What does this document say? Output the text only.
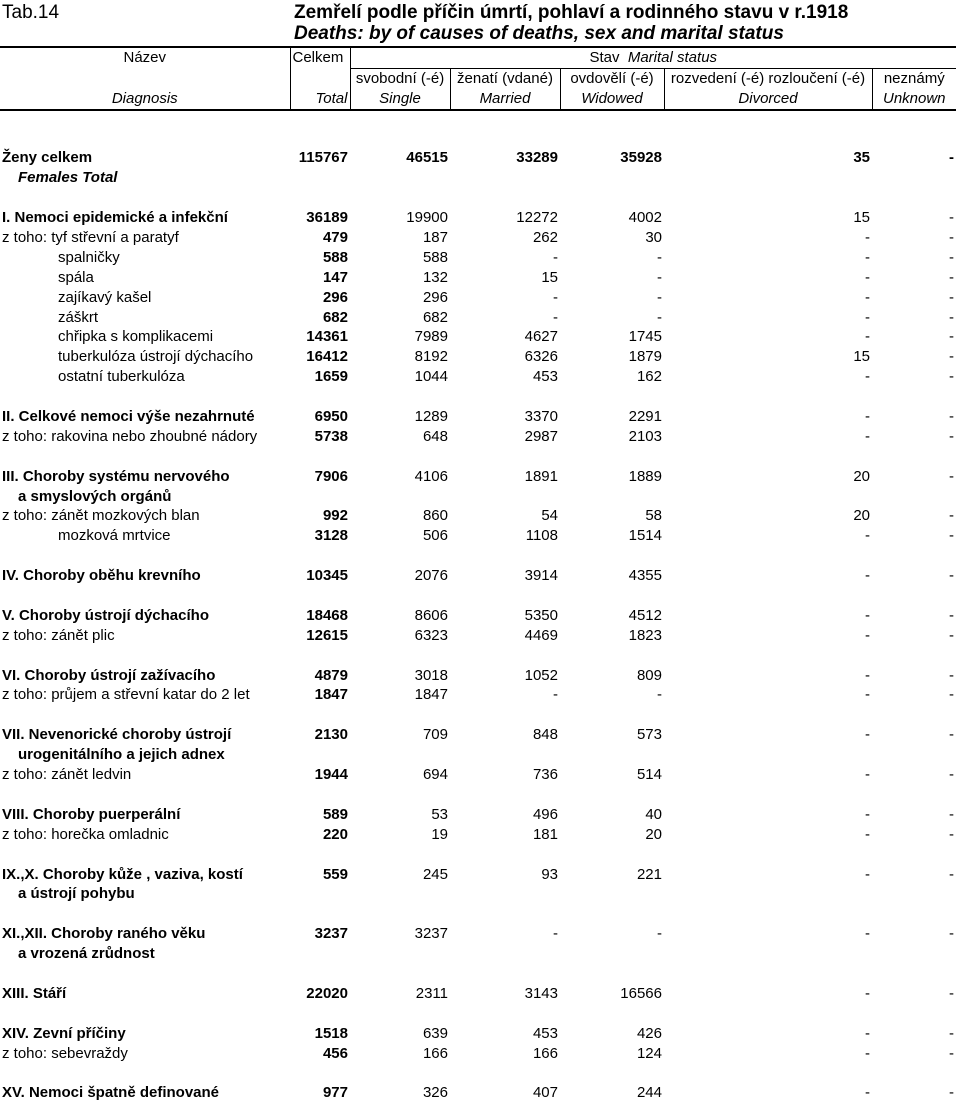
Tab.14	Zemřelí podle příčin úmrtí, pohlaví a rodinného stavu v r.1918
Deaths: by of causes of deaths, sex and marital status
Název	Celkem	Stav Marital status				
		svobodní (-é)	ženatí (vdané)	ovdovělí (-é)	rozvedení (-é) rozloučení (-é)	neznámý
Diagnosis	Total	Single	Married	Widowed	Divorced	Unknown
Ženy celkem	115767	46515	33289	35928	35	-
Females Total						

I. Nemoci epidemické a infekční	36189	19900	12272	4002	15	-
z toho: tyf střevní a paratyf	479	187	262	30	-	-
spalničky	588	588	-	-	-	-
spála	147	132	15	-	-	-
zajíkavý kašel	296	296	-	-	-	-
záškrt	682	682	-	-	-	-
chřipka s komplikacemi	14361	7989	4627	1745	-	-
tuberkulóza ústrojí dýchacího	16412	8192	6326	1879	15	-
ostatní tuberkulóza	1659	1044	453	162	-	-

II. Celkové nemoci výše nezahrnuté	6950	1289	3370	2291	-	-
z toho: rakovina nebo zhoubné nádory	5738	648	2987	2103	-	-

III. Choroby systému nervového	7906	4106	1891	1889	20	-
a smyslových orgánů						
z toho: zánět mozkových blan	992	860	54	58	20	-
mozková mrtvice	3128	506	1108	1514	-	-

IV. Choroby oběhu krevního	10345	2076	3914	4355	-	-

V. Choroby ústrojí dýchacího	18468	8606	5350	4512	-	-
z toho: zánět plic	12615	6323	4469	1823	-	-

VI. Choroby ústrojí zažívacího	4879	3018	1052	809	-	-
z toho: průjem a střevní katar do 2 let	1847	1847	-	-	-	-

VII. Nevenorické choroby ústrojí	2130	709	848	573	-	-
urogenitálního a jejich adnex						
z toho: zánět ledvin	1944	694	736	514	-	-

VIII. Choroby puerperální	589	53	496	40	-	-
z toho: horečka omladnic	220	19	181	20	-	-

IX.,X. Choroby kůže , vaziva, kostí	559	245	93	221	-	-
a ústrojí pohybu						

XI.,XII. Choroby raného věku	3237	3237	-	-	-	-
a vrozená zrůdnost						

XIII. Stáří	22020	2311	3143	16566	-	-

XIV. Zevní příčiny	1518	639	453	426	-	-
z toho: sebevraždy	456	166	166	124	-	-

XV. Nemoci špatně definované	977	326	407	244	-	-
